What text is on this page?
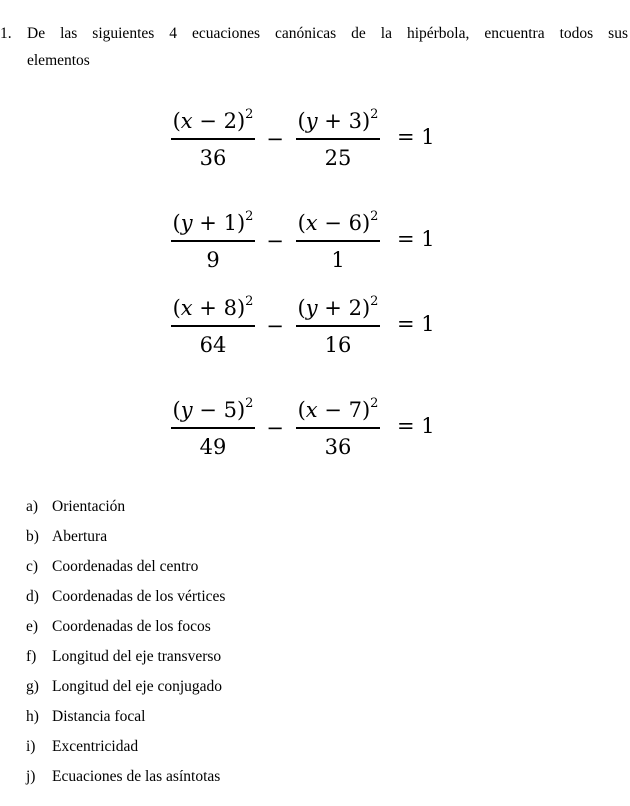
1. De las siguientes 4 ecuaciones canónicas de la hipérbola, encuentra todos sus
elementos
$\frac{(x - 2)^2}{36} - \frac{(y + 3)^2}{25} = 1$
$\frac{(y + 1)^2}{9} - \frac{(x - 6)^2}{1} = 1$
$\frac{(x + 8)^2}{64} - \frac{(y + 2)^2}{16} = 1$
$\frac{(y - 5)^2}{49} - \frac{(x - 7)^2}{36} = 1$
a) Orientación
b) Abertura
c) Coordenadas del centro
d) Coordenadas de los vértices
e) Coordenadas de los focos
f)	Longitud del eje transverso
g) Longitud del eje conjugado
h) Distancia focal
i)	Excentricidad
j)	Ecuaciones de las asíntotas
